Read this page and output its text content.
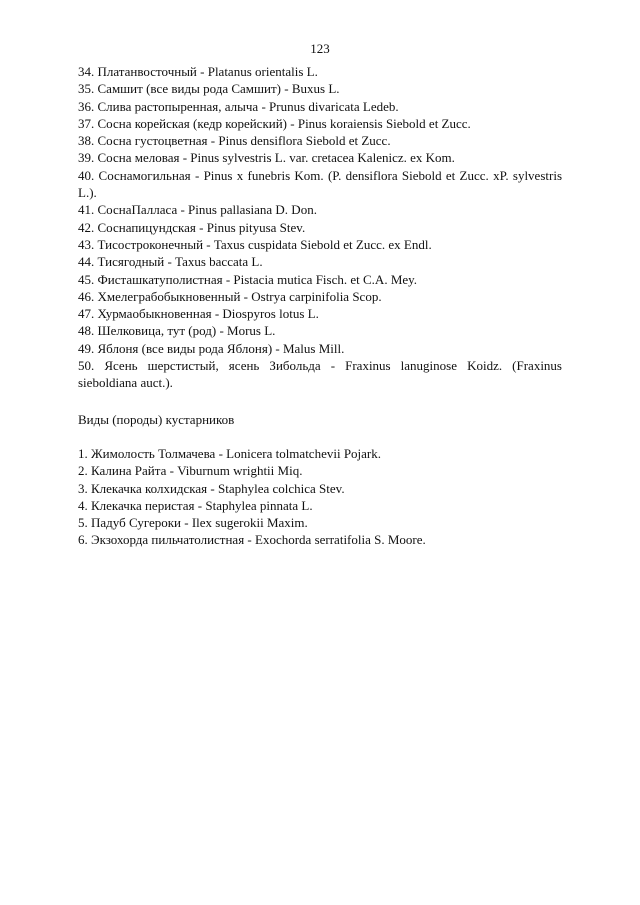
123

34. Платанвосточный - Platanus orientalis L.

35. Самшит (все виды рода Самшит) - Buxus L.

36. Слива растопыренная, алыча - Prunus divaricata Ledeb.

37. Сосна корейская (кедр корейский) - Pinus koraiensis Siebold et Zucc.

38. Сосна густоцветная - Pinus densiflora Siebold et Zucc.

39. Сосна меловая - Pinus sylvestris L. var. cretacea Kalenicz. ex Kom.

40. Соснамогильная - Pinus x funebris Kom. (P. densiflora Siebold et Zucc. xP. sylvestris L.).

41. СоснаПалласа - Pinus pallasiana D. Don.

42. Соснапицундская - Pinus pityusa Stev.

43. Тисостроконечный - Taxus cuspidata Siebold et Zucc. ex Endl.

44. Тисягодный - Taxus baccata L.

45. Фисташкатуполистная - Pistacia mutica Fisch. et C.A. Mey.

46. Хмелеграбобыкновенный - Ostrya carpinifolia Scop.

47. Хурмаобыкновенная - Diospyros lotus L.

48. Шелковица, тут (род) - Morus L.

49. Яблоня (все виды рода Яблоня) - Malus Mill.

50. Ясень шерстистый, ясень Зибольда - Fraxinus lanuginose Koidz. (Fraxinus sieboldiana auct.).

Виды (породы) кустарников

1. Жимолость Толмачева - Lonicera tolmatchevii Pojark.

2. Калина Райта - Viburnum wrightii Miq.

3. Клекачка колхидская - Staphylea colchica Stev.

4. Клекачка перистая - Staphylea pinnata L.

5. Падуб Сугероки - Ilex sugerokii Maxim.

6. Экзохорда пильчатолистная - Exochorda serratifolia S. Moore.
